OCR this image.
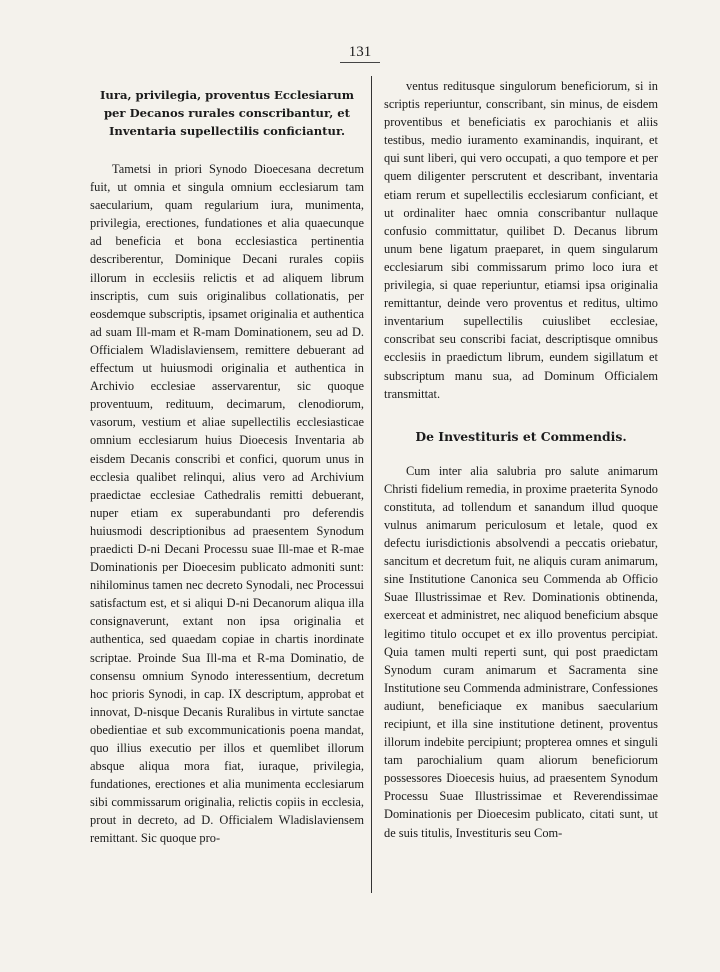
131
Iura, privilegia, proventus Ecclesiarum per Decanos rurales conscribantur, et Inventaria supellectilis conficiantur.
Tametsi in priori Synodo Dioecesana decretum fuit, ut omnia et singula omnium ecclesiarum tam saecularium, quam regularium iura, munimenta, privilegia, erectiones, fundationes et alia quaecunque ad beneficia et bona ecclesiastica pertinentia describerentur, Dominique Decani rurales copiis illorum in ecclesiis relictis et ad aliquem librum inscriptis, cum suis originalibus collationatis, per eosdemque subscriptis, ipsamet originalia et authentica ad suam Ill-mam et R-mam Dominationem, seu ad D. Officialem Wladislaviensem, remittere debuerant ad effectum ut huiusmodi originalia et authentica in Archivio ecclesiae asservarentur, sic quoque proventuum, redituum, decimarum, clenodiorum, vasorum, vestium et aliae supellectilis ecclesiasticae omnium ecclesiarum huius Dioecesis Inventaria ab eisdem Decanis conscribi et confici, quorum unus in ecclesia qualibet relinqui, alius vero ad Archivium praedictae ecclesiae Cathedralis remitti debuerant, nuper etiam ex superabundanti pro deferendis huiusmodi descriptionibus ad praesentem Synodum praedicti D-ni Decani Processu suae Ill-mae et R-mae Dominationis per Dioecesim publicato admoniti sunt: nihilominus tamen nec decreto Synodali, nec Processui satisfactum est, et si aliqui D-ni Decanorum aliqua illa consignaverunt, extant non ipsa originalia et authentica, sed quaedam copiae in chartis inordinate scriptae. Proinde Sua Ill-ma et R-ma Dominatio, de consensu omnium Synodo interessentium, decretum hoc prioris Synodi, in cap. IX descriptum, approbat et innovat, D-nisque Decanis Ruralibus in virtute sanctae obedientiae et sub excommunicationis poena mandat, quo illius executio per illos et quemlibet illorum absque aliqua mora fiat, iuraque, privilegia, fundationes, erectiones et alia munimenta ecclesiarum sibi commissarum originalia, relictis copiis in ecclesia, prout in decreto, ad D. Officialem Wladislaviensem remittant. Sic quoque pro-
ventus reditusque singulorum beneficiorum, si in scriptis reperiuntur, conscribant, sin minus, de eisdem proventibus et beneficiatis ex parochianis et aliis testibus, medio iuramento examinandis, inquirant, et qui sunt liberi, qui vero occupati, a quo tempore et per quem diligenter perscrutent et describant, inventaria etiam rerum et supellectilis ecclesiarum conficiant, et ut ordinaliter haec omnia conscribantur nullaque confusio committatur, quilibet D. Decanus librum unum bene ligatum praeparet, in quem singularum ecclesiarum sibi commissarum primo loco iura et privilegia, si quae reperiuntur, etiamsi ipsa originalia remittantur, deinde vero proventus et reditus, ultimo inventarium supellectilis cuiuslibet ecclesiae, conscribat seu conscribi faciat, descriptisque omnibus ecclesiis in praedictum librum, eundem sigillatum et subscriptum manu sua, ad Dominum Officialem transmittat.
De Investituris et Commendis.
Cum inter alia salubria pro salute animarum Christi fidelium remedia, in proxime praeterita Synodo constituta, ad tollendum et sanandum illud quoque vulnus animarum periculosum et letale, quod ex defectu iurisdictionis absolvendi a peccatis oriebatur, sancitum et decretum fuit, ne aliquis curam animarum, sine Institutione Canonica seu Commenda ab Officio Suae Illustrissimae et Rev. Dominationis obtinenda, exerceat et administret, nec aliquod beneficium absque legitimo titulo occupet et ex illo proventus percipiat. Quia tamen multi reperti sunt, qui post praedictam Synodum curam animarum et Sacramenta sine Institutione seu Commenda administrare, Confessiones audiunt, beneficiaque ex manibus saecularium recipiunt, et illa sine institutione detinent, proventus illorum indebite percipiunt; propterea omnes et singuli tam parochialium quam aliorum beneficiorum possessores Dioecesis huius, ad praesentem Synodum Processu Suae Illustrissimae et Reverendissimae Dominationis per Dioecesim publicato, citati sunt, ut de suis titulis, Investituris seu Com-
